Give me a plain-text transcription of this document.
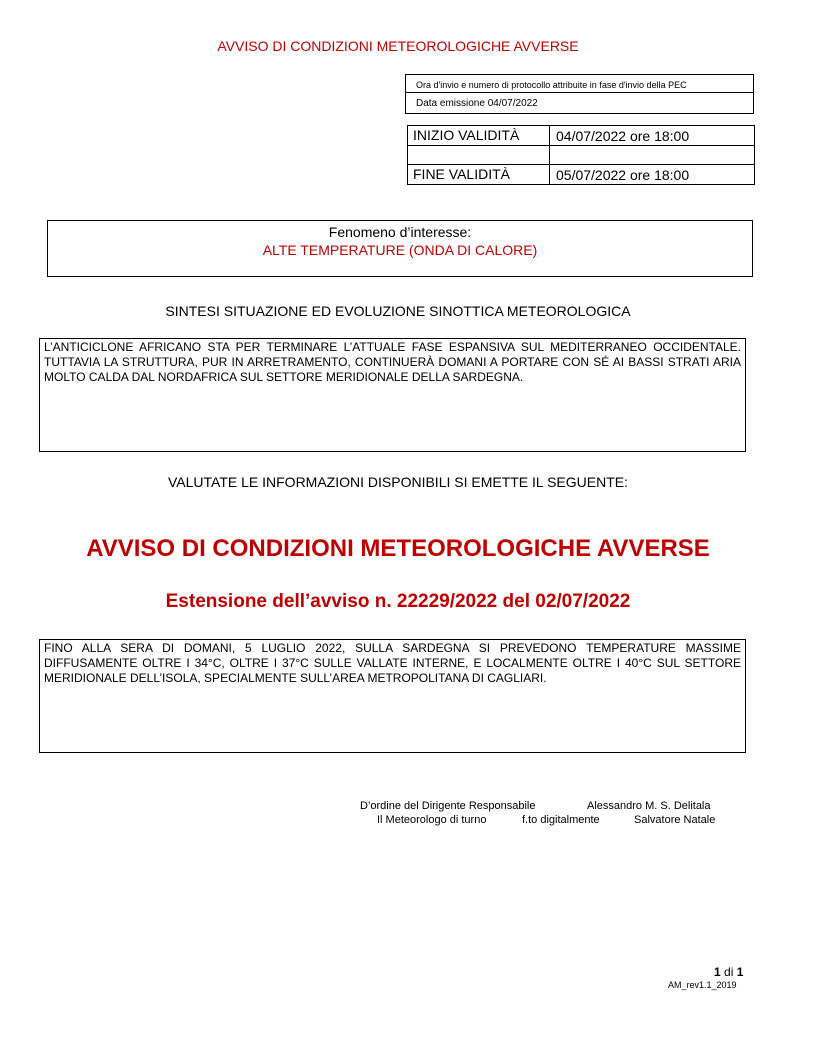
AVVISO DI CONDIZIONI METEOROLOGICHE AVVERSE
Ora d'invio e numero di protocollo attribuite in fase d'invio della PEC
Data emissione 04/07/2022
INIZIO VALIDITÀ	04/07/2022 ore 18:00
FINE VALIDITÀ	05/07/2022 ore 18:00
Fenomeno d’interesse:
ALTE TEMPERATURE (ONDA DI CALORE)
SINTESI SITUAZIONE ED EVOLUZIONE SINOTTICA METEOROLOGICA
L’ANTICICLONE AFRICANO STA PER TERMINARE L’ATTUALE FASE ESPANSIVA SUL MEDITERRANEO OCCIDENTALE. TUTTAVIA LA STRUTTURA, PUR IN ARRETRAMENTO, CONTINUERÀ DOMANI A PORTARE CON SÉ AI BASSI STRATI ARIA MOLTO CALDA DAL NORDAFRICA SUL SETTORE MERIDIONALE DELLA SARDEGNA.
VALUTATE LE INFORMAZIONI DISPONIBILI SI EMETTE IL SEGUENTE:
AVVISO DI CONDIZIONI METEOROLOGICHE AVVERSE
Estensione dell’avviso n. 22229/2022 del 02/07/2022
FINO ALLA SERA DI DOMANI, 5 LUGLIO 2022, SULLA SARDEGNA SI PREVEDONO TEMPERATURE MASSIME DIFFUSAMENTE OLTRE I 34°C, OLTRE I 37°C SULLE VALLATE INTERNE, E LOCALMENTE OLTRE I 40°C SUL SETTORE MERIDIONALE DELL’ISOLA, SPECIALMENTE SULL’AREA METROPOLITANA DI CAGLIARI.
D’ordine del Dirigente Responsabile	Alessandro M. S. Delitala
Il Meteorologo di turno	f.to digitalmente	Salvatore Natale
1 di 1
AM_rev1.1_2019
